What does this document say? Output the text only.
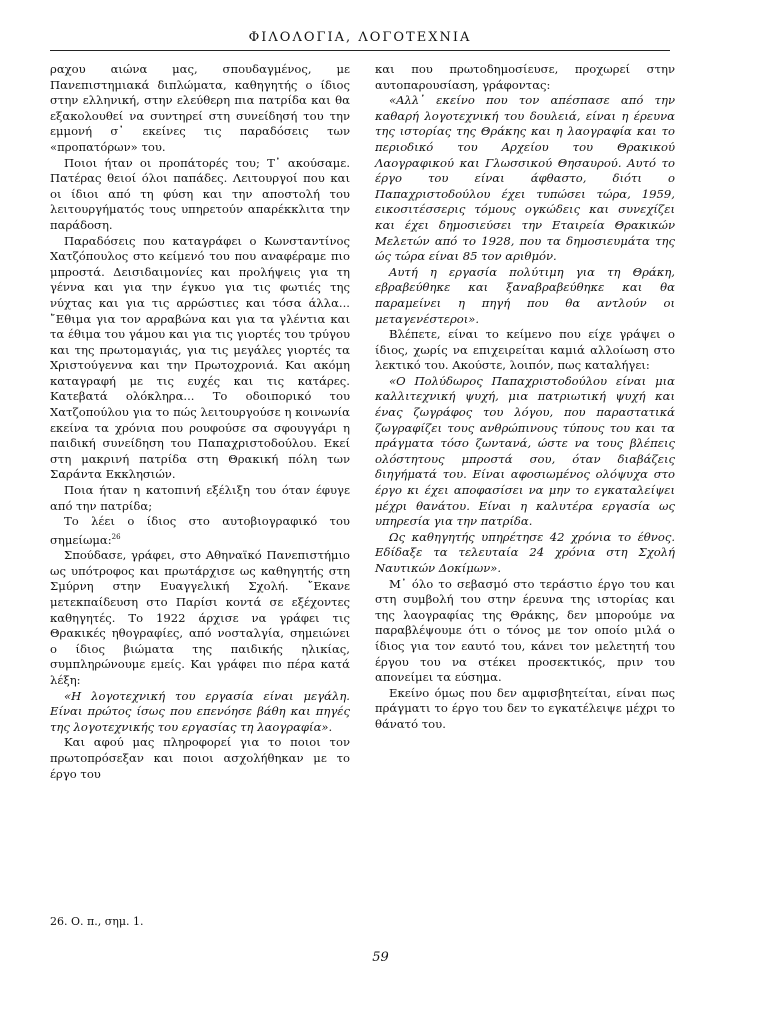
ΦΙΛΟΛΟΓΙΑ, ΛΟΓΟΤΕΧΝΙΑ

ραχου αιώνα μας, σπουδαγμένος, με Πανεπιστημιακά διπλώματα, καθηγητής ο ίδιος στην ελληνική, στην ελεύθερη πια πατρίδα και θα εξακολουθεί να συντηρεί στη συνείδησή του την εμμονή σ᾿ εκείνες τις παραδόσεις των «προπατόρων» του.

Ποιοι ήταν οι προπάτορές του; Τ᾿ ακούσαμε. Πατέρας θειοί όλοι παπάδες. Λειτουργοί που και οι ίδιοι από τη φύση και την αποστολή του λειτουργήματός τους υπηρετούν απαρέκκλιτα την παράδοση.

Παραδόσεις που καταγράφει ο Κωνσταντίνος Χατζόπουλος στο κείμενό του που αναφέραμε πιο μπροστά. Δεισιδαιμονίες και προλήψεις για τη γέννα και για την έγκυο για τις φωτιές της νύχτας και για τις αρρώστιες και τόσα άλλα... ῎Εθιμα για τον αρραβώνα και για τα γλέντια και τα έθιμα του γάμου και για τις γιορτές του τρύγου και της πρωτομαγιάς, για τις μεγάλες γιορτές τα Χριστούγεννα και την Πρωτοχρονιά. Και ακόμη καταγραφή με τις ευχές και τις κατάρες. Κατεβατά ολόκληρα... Το οδοιπορικό του Χατζοπούλου για το πώς λειτουργούσε η κοινωνία εκείνα τα χρόνια που ρουφούσε σα σφουγγάρι η παιδική συνείδηση του Παπαχριστοδούλου. Εκεί στη μακρινή πατρίδα στη Θρακική πόλη των Σαράντα Εκκλησιών.

Ποια ήταν η κατοπινή εξέλιξη του όταν έφυγε από την πατρίδα;

Το λέει ο ίδιος στο αυτοβιογραφικό του σημείωμα:$^{26}$

Σπούδασε, γράφει, στο Αθηναϊκό Πανεπιστήμιο ως υπότροφος και πρωτάρχισε ως καθηγητής στη Σμύρνη στην Ευαγγελική Σχολή. ῎Εκανε μετεκπαίδευση στο Παρίσι κοντά σε εξέχοντες καθηγητές. Το 1922 άρχισε να γράφει τις Θρακικές ηθογραφίες, από νοσταλγία, σημειώνει ο ίδιος βιώματα της παιδικής ηλικίας, συμπληρώνουμε εμείς. Και γράφει πιο πέρα κατά λέξη:

«Η λογοτεχνική του εργασία είναι μεγάλη. Είναι πρώτος ίσως που επενόησε βάθη και πηγές της λογοτεχνικής του εργασίας τη λαογραφία».

Και αφού μας πληροφορεί για το ποιοι τον πρωτοπρόσεξαν και ποιοι ασχολήθηκαν με το έργο του

και που πρωτοδημοσίευσε, προχωρεί στην αυτοπαρουσίαση, γράφοντας:

«Αλλ᾿ εκείνο που τον απέσπασε από την καθαρή λογοτεχνική του δουλειά, είναι η έρευνα της ιστορίας της Θράκης και η λαογραφία και το περιοδικό του Αρχείου του Θρακικού Λαογραφικού και Γλωσσικού Θησαυρού. Αυτό το έργο του είναι άφθαστο, διότι ο Παπαχριστοδούλου έχει τυπώσει τώρα, 1959, εικοσιτέσσερις τόμους ογκώδεις και συνεχίζει και έχει δημοσιεύσει την Εταιρεία Θρακικών Μελετών από το 1928, που τα δημοσιευμάτα της ώς τώρα είναι 85 τον αριθμόν.

Αυτή η εργασία πολύτιμη για τη Θράκη, εβραβεύθηκε και ξαναβραβεύθηκε και θα παραμείνει η πηγή που θα αντλούν οι μεταγενέστεροι».

Βλέπετε, είναι το κείμενο που είχε γράψει ο ίδιος, χωρίς να επιχειρείται καμιά αλλοίωση στο λεκτικό του. Ακούστε, λοιπόν, πως καταλήγει:

«Ο Πολύδωρος Παπαχριστοδούλου είναι μια καλλιτεχνική ψυχή, μια πατριωτική ψυχή και ένας ζωγράφος του λόγου, που παραστατικά ζωγραφίζει τους ανθρώπινους τύπους του και τα πράγματα τόσο ζωντανά, ώστε να τους βλέπεις ολόστητους μπροστά σου, όταν διαβάζεις διηγήματά του. Είναι αφοσιωμένος ολόψυχα στο έργο κι έχει αποφασίσει να μην το εγκαταλείψει μέχρι θανάτου. Είναι η καλυτέρα εργασία ως υπηρεσία για την πατρίδα.

Ως καθηγητής υπηρέτησε 42 χρόνια το έθνος. Εδίδαξε τα τελευταία 24 χρόνια στη Σχολή Ναυτικών Δοκίμων».

Μ᾿ όλο το σεβασμό στο τεράστιο έργο του και στη συμβολή του στην έρευνα της ιστορίας και της λαογραφίας της Θράκης, δεν μπορούμε να παραβλέψουμε ότι ο τόνος με τον οποίο μιλά ο ίδιος για τον εαυτό του, κάνει τον μελετητή του έργου του να στέκει προσεκτικός, πριν του απονείμει τα εύσημα.

Εκείνο όμως που δεν αμφισβητείται, είναι πως πράγματι το έργο του δεν το εγκατέλειψε μέχρι το θάνατό του.

26. Ο. π., σημ. 1.
59
